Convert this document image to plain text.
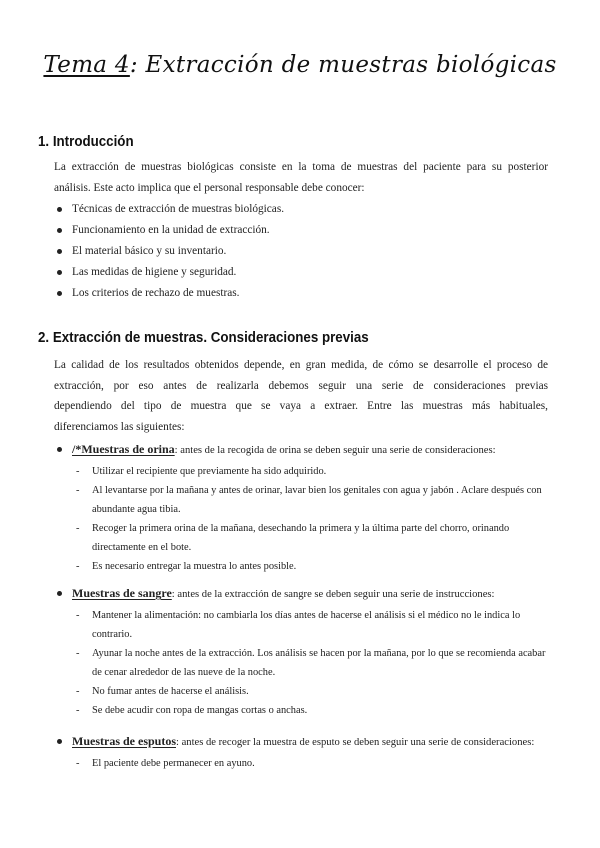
Tema 4: Extracción de muestras biológicas
1. Introducción
La extracción de muestras biológicas consiste en la toma de muestras del paciente para su posterior
análisis. Este acto implica que el personal responsable debe conocer:
Técnicas de extracción de muestras biológicas.
Funcionamiento en la unidad de extracción.
El material básico y su inventario.
Las medidas de higiene y seguridad.
Los criterios de rechazo de muestras.
2. Extracción de muestras. Consideraciones previas
La calidad de los resultados obtenidos depende, en gran medida, de cómo se desarrolle el proceso de
extracción, por eso antes de realizarla debemos seguir una serie de consideraciones previas
dependiendo del tipo de muestra que se vaya a extraer. Entre las muestras más habituales,
diferenciamos las siguientes:
/*Muestras de orina: antes de la recogida de orina se deben seguir una serie de consideraciones:
- Utilizar el recipiente que previamente ha sido adquirido.
- Al levantarse por la mañana y antes de orinar, lavar bien los genitales con agua y jabón . Aclare después con abundante agua tibia.
- Recoger la primera orina de la mañana, desechando la primera y la última parte del chorro, orinando directamente en el bote.
- Es necesario entregar la muestra lo antes posible.
Muestras de sangre: antes de la extracción de sangre se deben seguir una serie de instrucciones:
- Mantener la alimentación: no cambiarla los días antes de hacerse el análisis si el médico no le indica lo contrario.
- Ayunar la noche antes de la extracción. Los análisis se hacen por la mañana, por lo que se recomienda acabar de cenar alrededor de las nueve de la noche.
- No fumar antes de hacerse el análisis.
- Se debe acudir con ropa de mangas cortas o anchas.
Muestras de esputos: antes de recoger la muestra de esputo se deben seguir una serie de consideraciones:
- El paciente debe permanecer en ayuno.
